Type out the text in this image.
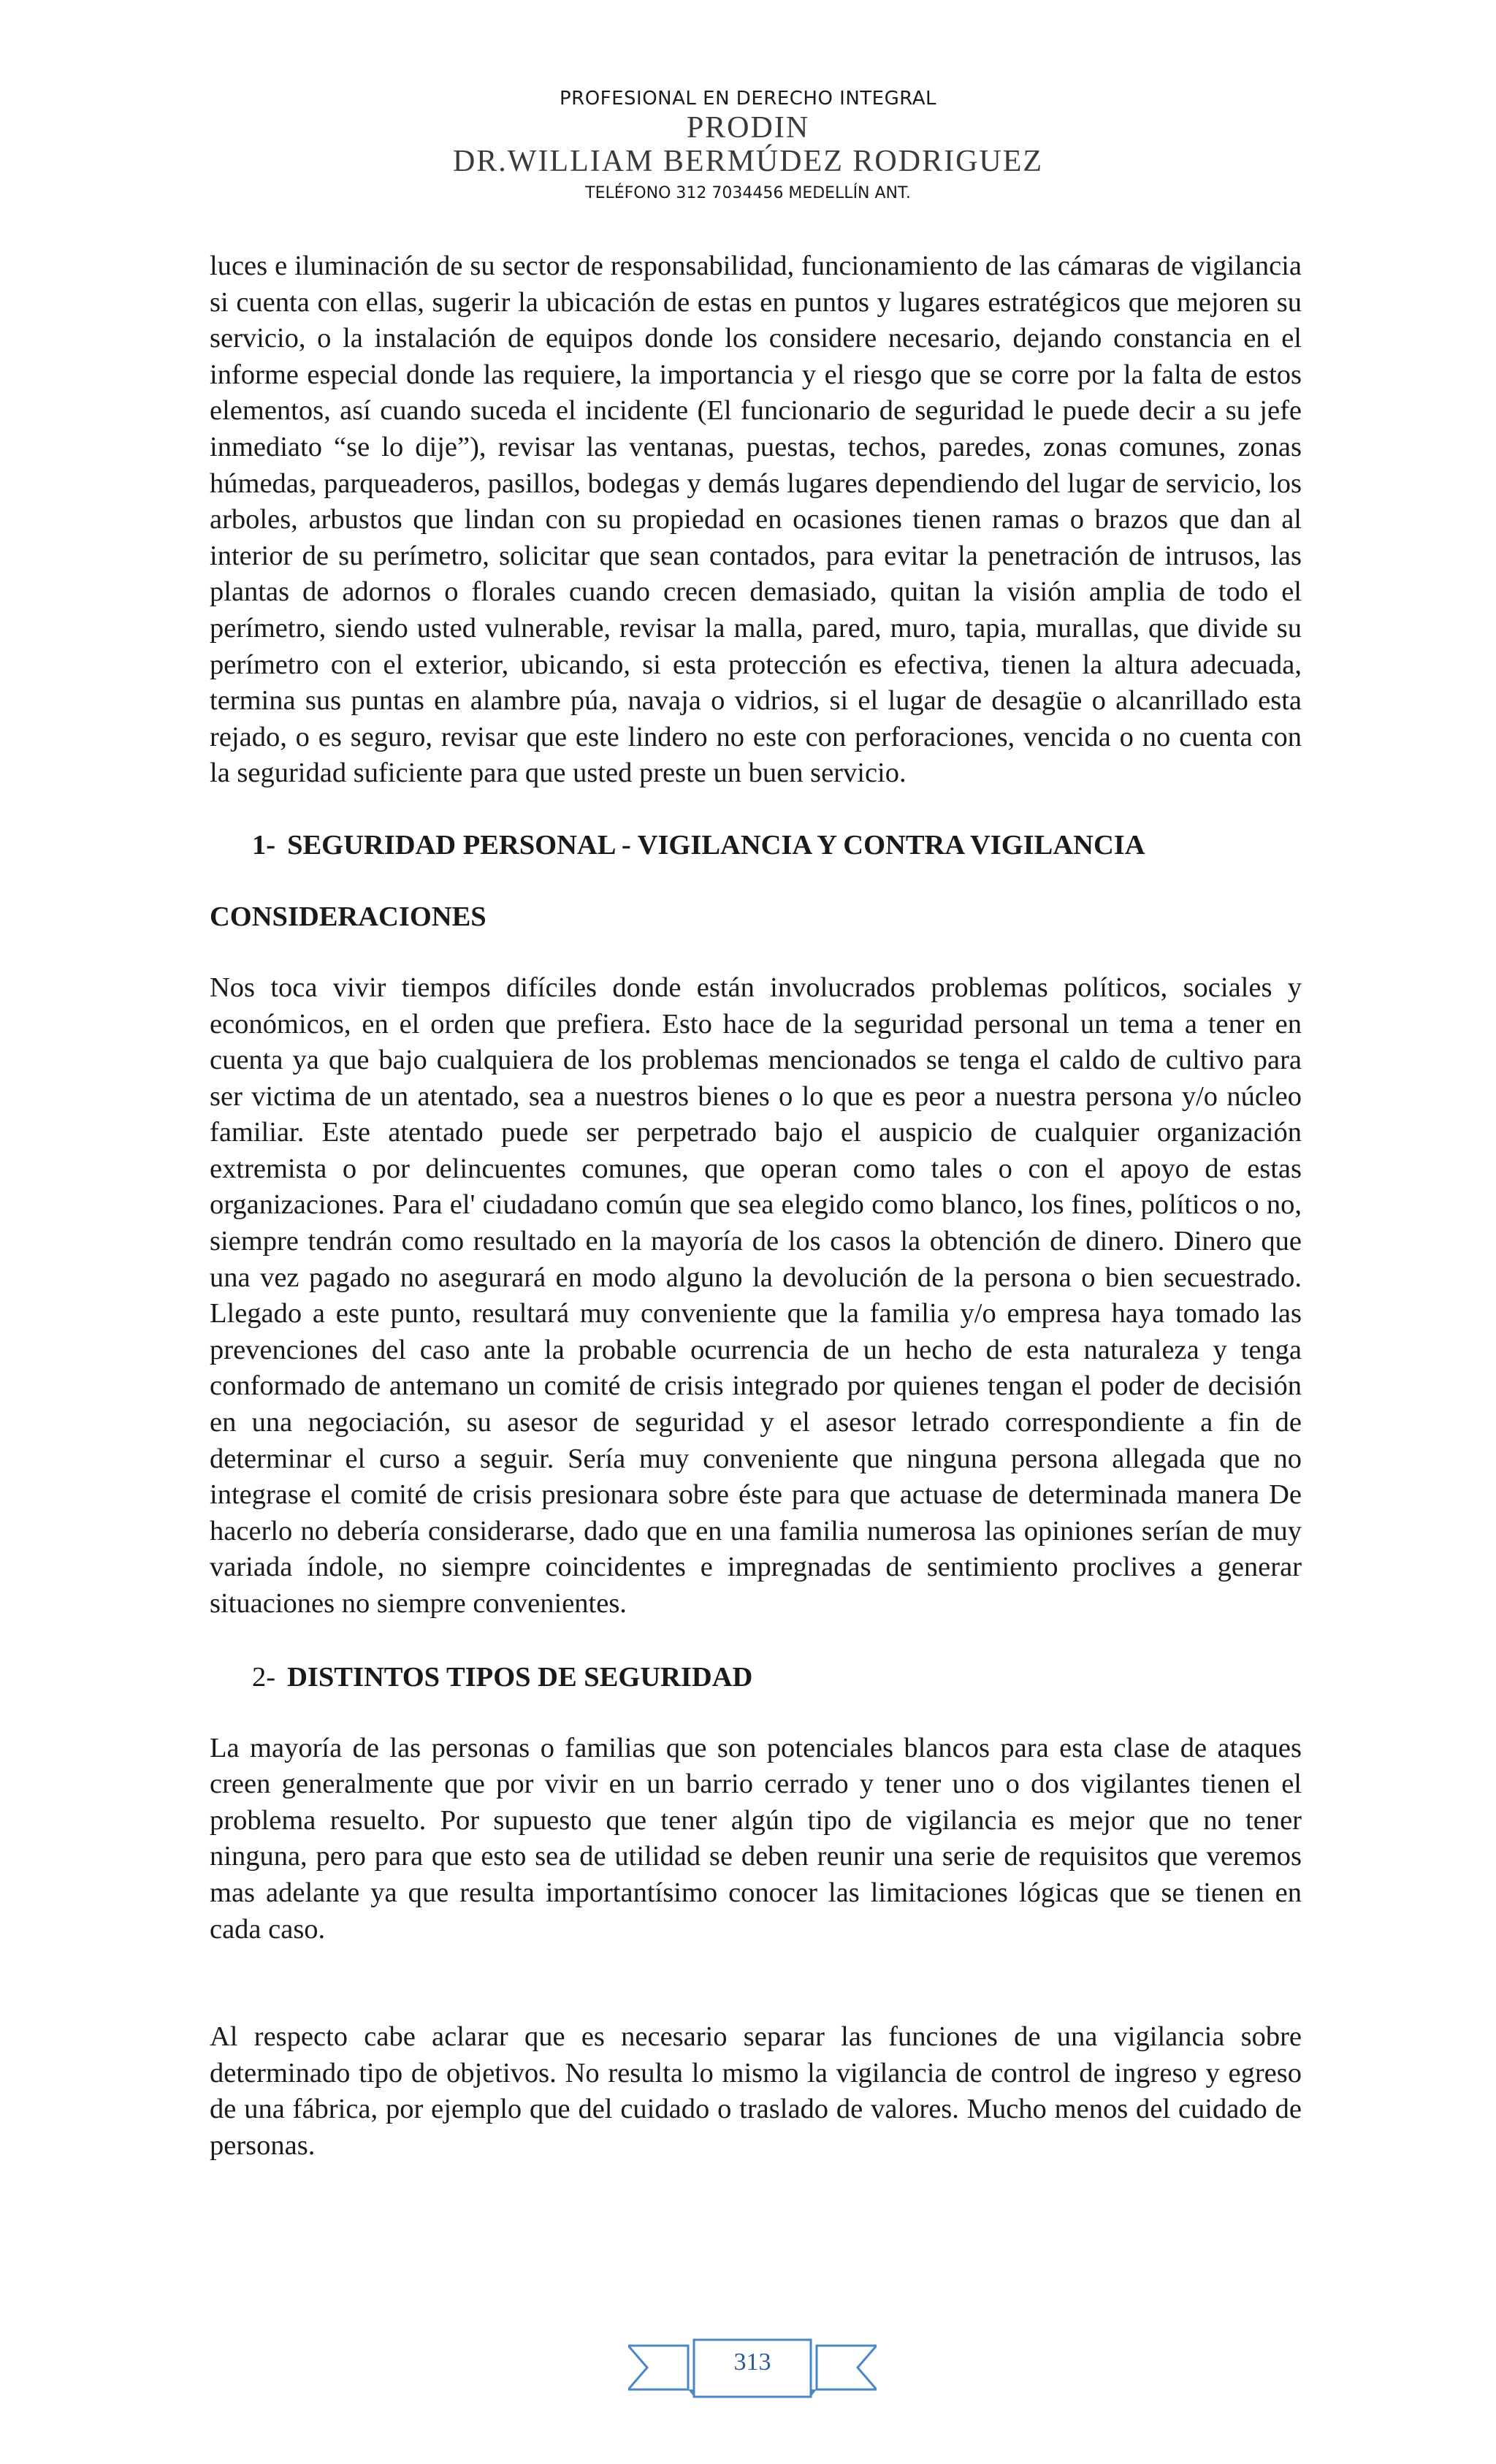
PROFESIONAL EN DERECHO INTEGRAL
PRODIN
DR.WILLIAM BERMÚDEZ RODRIGUEZ
TELÉFONO 312 7034456 MEDELLÍN ANT.

luces e iluminación de su sector de responsabilidad, funcionamiento de las cámaras de vigilancia si cuenta con ellas, sugerir la ubicación de estas en puntos y lugares estratégicos que mejoren su servicio, o la instalación de equipos donde los considere necesario, dejando constancia en el informe especial donde las requiere, la importancia y el riesgo que se corre por la falta de estos elementos, así cuando suceda el incidente (El funcionario de seguridad le puede decir a su jefe inmediato “se lo dije”), revisar las ventanas, puestas, techos, paredes, zonas comunes, zonas húmedas, parqueaderos, pasillos, bodegas y demás lugares dependiendo del lugar de servicio, los arboles, arbustos que lindan con su propiedad en ocasiones tienen ramas o brazos que dan al interior de su perímetro, solicitar que sean contados, para evitar la penetración de intrusos, las plantas de adornos o florales cuando crecen demasiado, quitan la visión amplia de todo el perímetro, siendo usted vulnerable, revisar la malla, pared, muro, tapia, murallas, que divide su perímetro con el exterior, ubicando, si esta protección es efectiva, tienen la altura adecuada, termina sus puntas en alambre púa, navaja o vidrios, si el lugar de desagüe o alcanrillado esta rejado, o es seguro, revisar que este lindero no este con perforaciones, vencida o no cuenta con la seguridad suficiente para que usted preste un buen servicio.

1- SEGURIDAD PERSONAL - VIGILANCIA Y CONTRA VIGILANCIA
CONSIDERACIONES

Nos toca vivir tiempos difíciles donde están involucrados problemas políticos, sociales y económicos, en el orden que prefiera. Esto hace de la seguridad personal un tema a tener en cuenta ya que bajo cualquiera de los problemas mencionados se tenga el caldo de cultivo para ser victima de un atentado, sea a nuestros bienes o lo que es peor a nuestra persona y/o núcleo familiar. Este atentado puede ser perpetrado bajo el auspicio de cualquier organización extremista o por delincuentes comunes, que operan como tales o con el apoyo de estas organizaciones. Para el' ciudadano común que sea elegido como blanco, los fines, políticos o no, siempre tendrán como resultado en la mayoría de los casos la obtención de dinero. Dinero que una vez pagado no asegurará en modo alguno la devolución de la persona o bien secuestrado. Llegado a este punto, resultará muy conveniente que la familia y/o empresa haya tomado las prevenciones del caso ante la probable ocurrencia de un hecho de esta naturaleza y tenga conformado de antemano un comité de crisis integrado por quienes tengan el poder de decisión en una negociación, su asesor de seguridad y el asesor letrado correspondiente a fin de determinar el curso a seguir. Sería muy conveniente que ninguna persona allegada que no integrase el comité de crisis presionara sobre éste para que actuase de determinada manera De hacerlo no debería considerarse, dado que en una familia numerosa las opiniones serían de muy variada índole, no siempre coincidentes e impregnadas de sentimiento proclives a generar situaciones no siempre convenientes.

2- DISTINTOS TIPOS DE SEGURIDAD

La mayoría de las personas o familias que son potenciales blancos para esta clase de ataques creen generalmente que por vivir en un barrio cerrado y tener uno o dos vigilantes tienen el problema resuelto. Por supuesto que tener algún tipo de vigilancia es mejor que no tener ninguna, pero para que esto sea de utilidad se deben reunir una serie de requisitos que veremos mas adelante ya que resulta importantísimo conocer las limitaciones lógicas que se tienen en cada caso.

Al respecto cabe aclarar que es necesario separar las funciones de una vigilancia sobre determinado tipo de objetivos. No resulta lo mismo la vigilancia de control de ingreso y egreso de una fábrica, por ejemplo que del cuidado o traslado de valores. Mucho menos del cuidado de personas.

313
